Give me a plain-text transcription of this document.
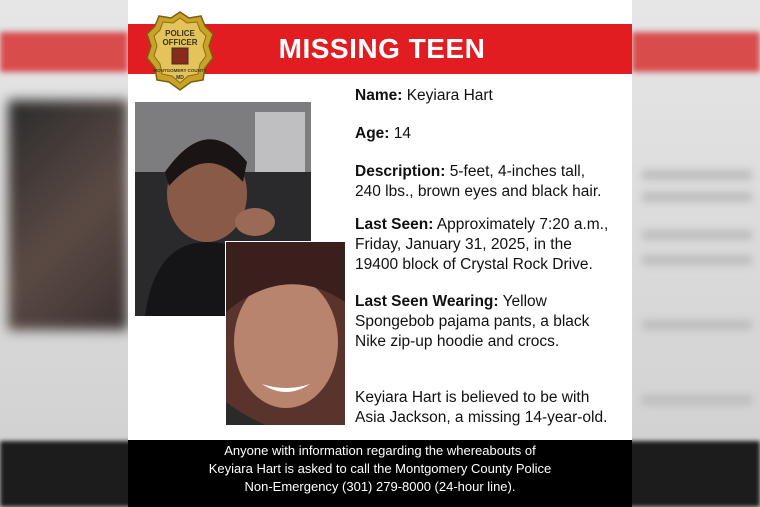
MISSING TEEN
POLICE
OFFICER
MONTGOMERY COUNTY
MD
Name: Keyiara Hart
Age: 14
Description: 5-feet, 4-inches tall,
240 lbs., brown eyes and black hair.
Last Seen: Approximately 7:20 a.m.,
Friday, January 31, 2025, in the
19400 block of Crystal Rock Drive.
Last Seen Wearing: Yellow
Spongebob pajama pants, a black
Nike zip-up hoodie and crocs.
Keyiara Hart is believed to be with
Asia Jackson, a missing 14-year-old.
Anyone with information regarding the whereabouts of
Keyiara Hart is asked to call the Montgomery County Police
Non-Emergency (301) 279-8000 (24-hour line).
